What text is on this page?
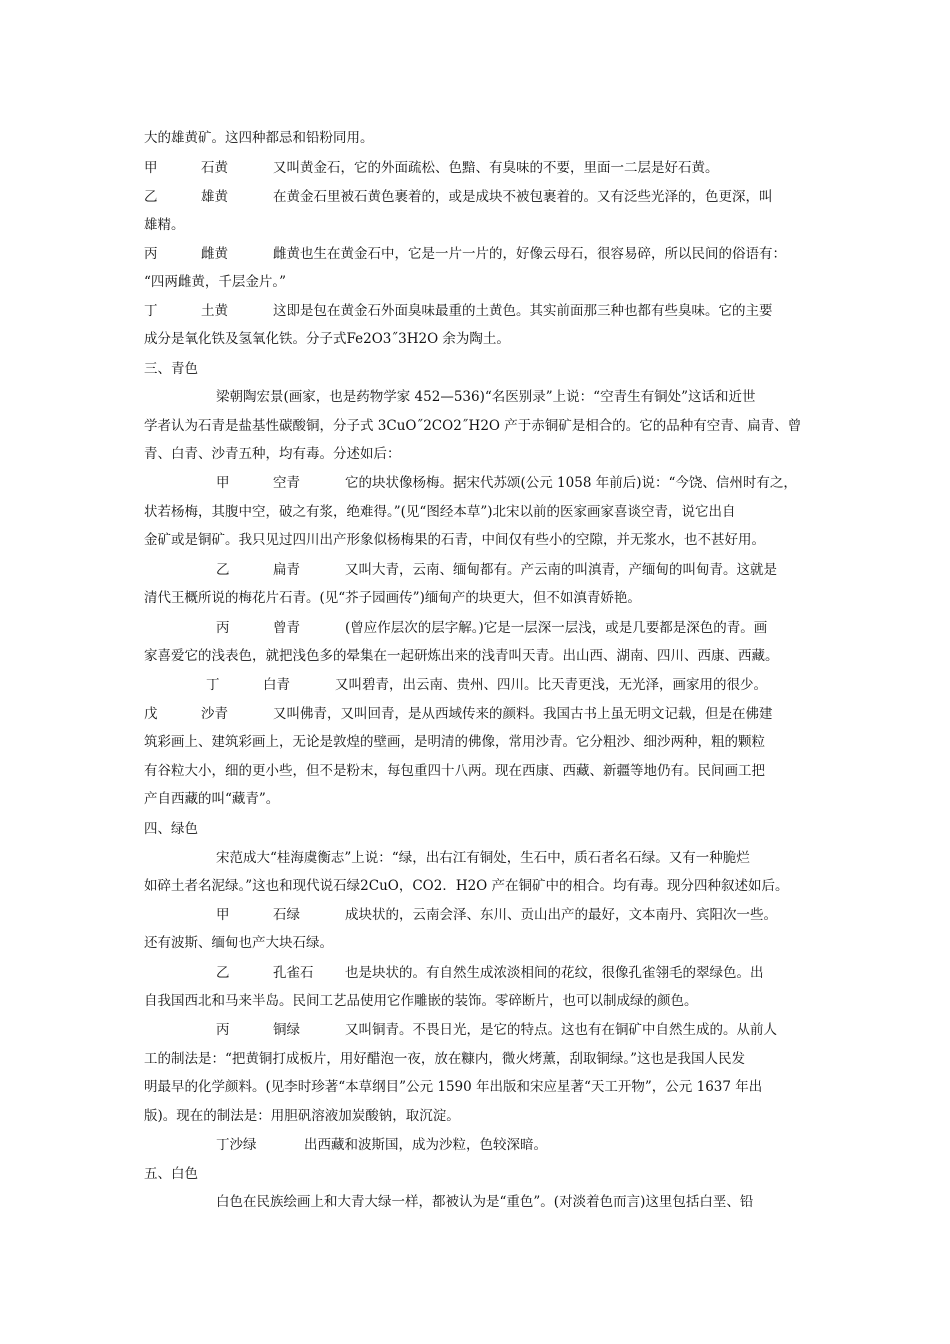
大的雄黄矿。这四种都忌和铅粉同用。
甲	石黄	又叫黄金石，它的外面疏松、色黯、有臭味的不要，里面一二层是好石黄。
乙	雄黄	在黄金石里被石黄色裹着的，或是成块不被包裹着的。又有泛些光泽的，色更深，叫
雄精。
丙	雌黄	雌黄也生在黄金石中，它是一片一片的，好像云母石，很容易碎，所以民间的俗语有：
“四两雌黄，千层金片。”
丁	土黄	这即是包在黄金石外面臭味最重的土黄色。其实前面那三种也都有些臭味。它的主要
成分是氧化铁及氢氧化铁。分子式Fe2O3˝3H2O 余为陶土。
三、青色
梁朝陶宏景(画家，也是药物学家 452—536)“名医别录”上说：“空青生有铜处”这话和近世
学者认为石青是盐基性碳酸铜，分子式 3CuO˝2CO2˝H2O 产于赤铜矿是相合的。它的品种有空青、扁青、曾
青、白青、沙青五种，均有毒。分述如后：
甲	空青	它的块状像杨梅。据宋代苏颂(公元 1058 年前后)说：“今饶、信州时有之，
状若杨梅，其腹中空，破之有浆，绝难得。”(见“图经本草”)北宋以前的医家画家喜谈空青，说它出自
金矿或是铜矿。我只见过四川出产形象似杨梅果的石青，中间仅有些小的空隙，并无浆水，也不甚好用。
乙	扁青	又叫大青，云南、缅甸都有。产云南的叫滇青，产缅甸的叫甸青。这就是
清代王概所说的梅花片石青。(见“芥子园画传”)缅甸产的块更大，但不如滇青娇艳。
丙	曾青	(曾应作层次的层字解。)它是一层深一层浅，或是几要都是深色的青。画
家喜爱它的浅表色，就把浅色多的晕集在一起研炼出来的浅青叫天青。出山西、湖南、四川、西康、西藏。
丁	白青	又叫碧青，出云南、贵州、四川。比天青更浅，无光泽，画家用的很少。
戊	沙青	又叫佛青，又叫回青，是从西域传来的颜料。我国古书上虽无明文记载，但是在佛建
筑彩画上、建筑彩画上，无论是敦煌的壁画，是明清的佛像，常用沙青。它分粗沙、细沙两种，粗的颗粒
有谷粒大小，细的更小些，但不是粉末，每包重四十八两。现在西康、西藏、新疆等地仍有。民间画工把
产自西藏的叫“藏青”。
四、绿色
宋范成大“桂海虞衡志”上说：“绿，出右江有铜处，生石中，质石者名石绿。又有一种脆烂
如碎土者名泥绿。”这也和现代说石绿2CuO，CO2．H2O 产在铜矿中的相合。均有毒。现分四种叙述如后。
甲	石绿	成块状的，云南会泽、东川、贡山出产的最好，文本南丹、宾阳次一些。
还有波斯、缅甸也产大块石绿。
乙	孔雀石 也是块状的。有自然生成浓淡相间的花纹，很像孔雀翎毛的翠绿色。出
自我国西北和马来半岛。民间工艺品使用它作雕嵌的装饰。零碎断片，也可以制成绿的颜色。
丙	铜绿	又叫铜青。不畏日光，是它的特点。这也有在铜矿中自然生成的。从前人
工的制法是：“把黄铜打成板片，用好醋泡一夜，放在糠内，微火烤薰，刮取铜绿。”这也是我国人民发
明最早的化学颜料。(见李时珍著“本草纲目”公元 1590 年出版和宋应星著“天工开物”，公元 1637 年出
版)。现在的制法是：用胆矾溶液加炭酸钠，取沉淀。
丁沙绿	出西藏和波斯国，成为沙粒，色较深暗。
五、白色
白色在民族绘画上和大青大绿一样，都被认为是“重色”。(对淡着色而言)这里包括白垩、铅
